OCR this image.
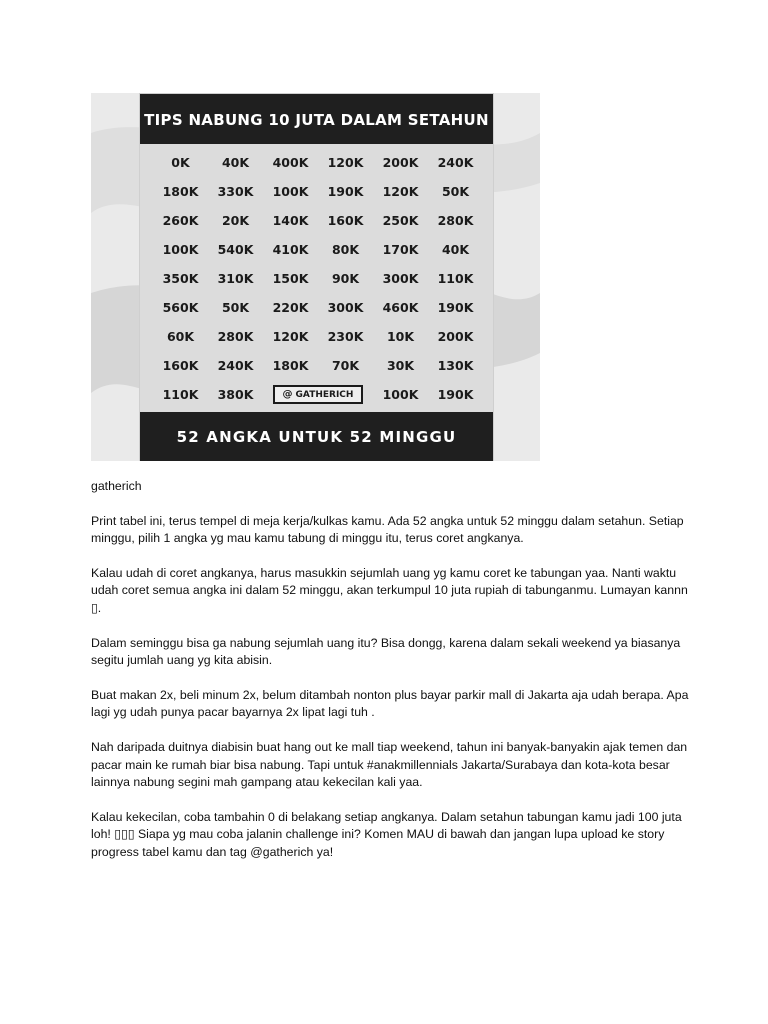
TIPS NABUNG 10 JUTA DALAM SETAHUN
0K	40K	400K	120K	200K	240K
180K	330K	100K	190K	120K	50K
260K	20K	140K	160K	250K	280K
100K	540K	410K	80K	170K	40K
350K	310K	150K	90K	300K	110K
560K	50K	220K	300K	460K	190K
60K	280K	120K	230K	10K	200K
160K	240K	180K	70K	30K	130K
110K	380K	@ GATHERICH	100K	190K
52 ANGKA UNTUK 52 MINGGU

gatherich

Print tabel ini, terus tempel di meja kerja/kulkas kamu. Ada 52 angka untuk 52 minggu dalam setahun. Setiap minggu, pilih 1 angka yg mau kamu tabung di minggu itu, terus coret angkanya.

Kalau udah di coret angkanya, harus masukkin sejumlah uang yg kamu coret ke tabungan yaa. Nanti waktu udah coret semua angka ini dalam 52 minggu, akan terkumpul 10 juta rupiah di tabunganmu. Lumayan kannn ▯.

Dalam seminggu bisa ga nabung sejumlah uang itu? Bisa dongg, karena dalam sekali weekend ya biasanya segitu jumlah uang yg kita abisin.

Buat makan 2x, beli minum 2x, belum ditambah nonton plus bayar parkir mall di Jakarta aja udah berapa. Apa lagi yg udah punya pacar bayarnya 2x lipat lagi tuh .

Nah daripada duitnya diabisin buat hang out ke mall tiap weekend, tahun ini banyak-banyakin ajak temen dan pacar main ke rumah biar bisa nabung. Tapi untuk #anakmillennials Jakarta/Surabaya dan kota-kota besar lainnya nabung segini mah gampang atau kekecilan kali yaa.

Kalau kekecilan, coba tambahin 0 di belakang setiap angkanya. Dalam setahun tabungan kamu jadi 100 juta loh! ▯▯▯ Siapa yg mau coba jalanin challenge ini? Komen MAU di bawah dan jangan lupa upload ke story progress tabel kamu dan tag @gatherich ya!
